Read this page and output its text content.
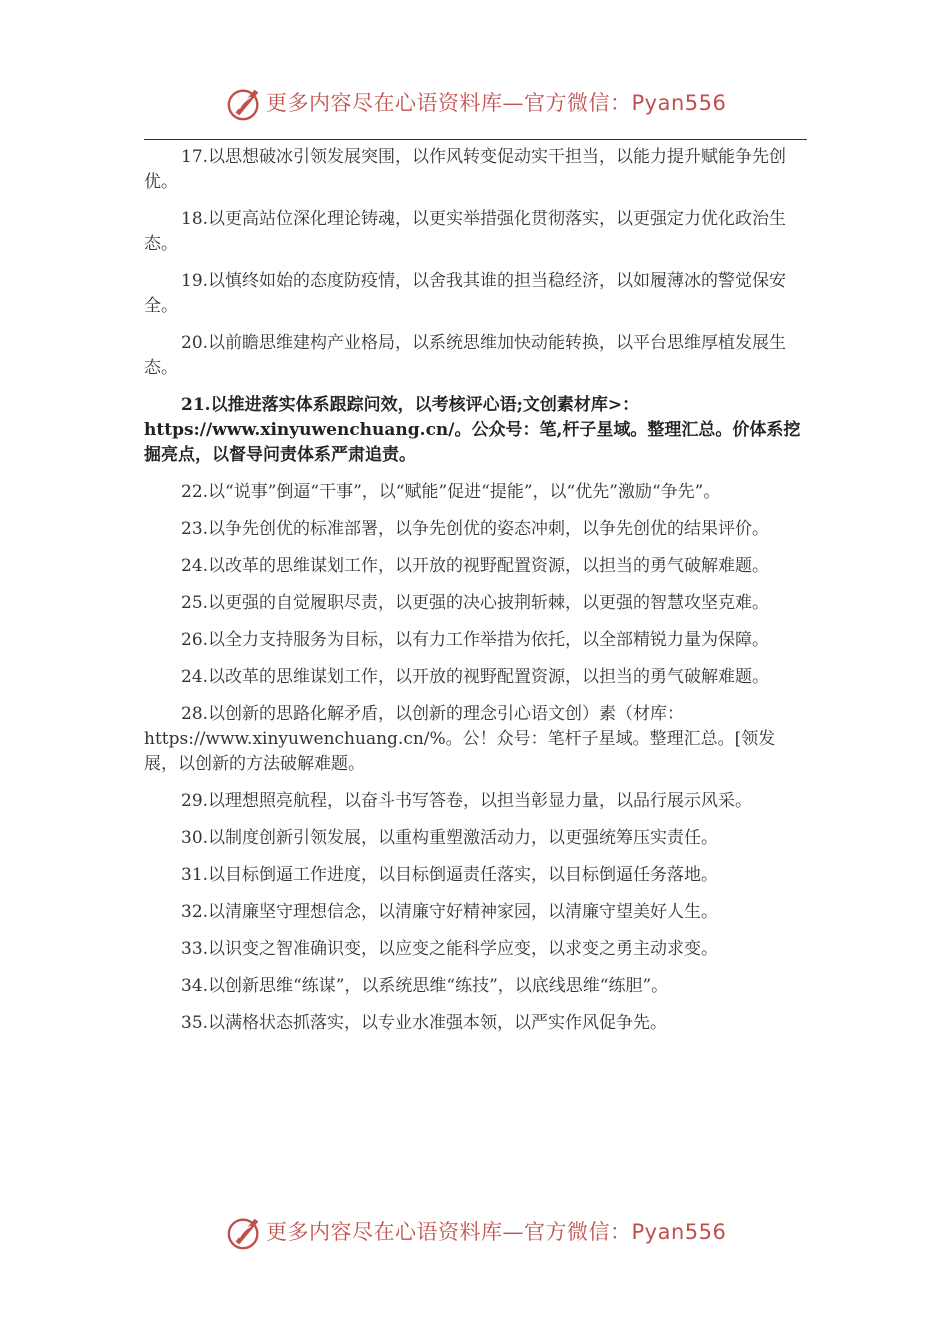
更多内容尽在心语资料库—官方微信：Pyan556

17.以思想破冰引领发展突围，以作风转变促动实干担当，以能力提升赋能争先创优。

18.以更高站位深化理论铸魂，以更实举措强化贯彻落实，以更强定力优化政治生态。

19.以慎终如始的态度防疫情，以舍我其谁的担当稳经济，以如履薄冰的警觉保安全。

20.以前瞻思维建构产业格局，以系统思维加快动能转换，以平台思维厚植发展生态。

21.以推进落实体系跟踪问效，以考核评心语;文创素材库>：https://www.xinyuwenchuang.cn/。公众号：笔,杆子星域。整理汇总。价体系挖掘亮点，以督导问责体系严肃追责。

22.以“说事”倒逼“干事”，以“赋能”促进“提能”，以“优先”激励“争先”。

23.以争先创优的标准部署，以争先创优的姿态冲刺，以争先创优的结果评价。

24.以改革的思维谋划工作，以开放的视野配置资源，以担当的勇气破解难题。

25.以更强的自觉履职尽责，以更强的决心披荆斩棘，以更强的智慧攻坚克难。

26.以全力支持服务为目标，以有力工作举措为依托，以全部精锐力量为保障。

24.以改革的思维谋划工作，以开放的视野配置资源，以担当的勇气破解难题。

28.以创新的思路化解矛盾，以创新的理念引心语文创）素（材库：https://www.xinyuwenchuang.cn/%。公！众号：笔杆子星域。整理汇总。[领发展，以创新的方法破解难题。

29.以理想照亮航程，以奋斗书写答卷，以担当彰显力量，以品行展示风采。

30.以制度创新引领发展，以重构重塑激活动力，以更强统筹压实责任。

31.以目标倒逼工作进度，以目标倒逼责任落实，以目标倒逼任务落地。

32.以清廉坚守理想信念，以清廉守好精神家园，以清廉守望美好人生。

33.以识变之智准确识变，以应变之能科学应变，以求变之勇主动求变。

34.以创新思维“练谋”，以系统思维“练技”，以底线思维“练胆”。

35.以满格状态抓落实，以专业水准强本领，以严实作风促争先。

更多内容尽在心语资料库—官方微信：Pyan556
